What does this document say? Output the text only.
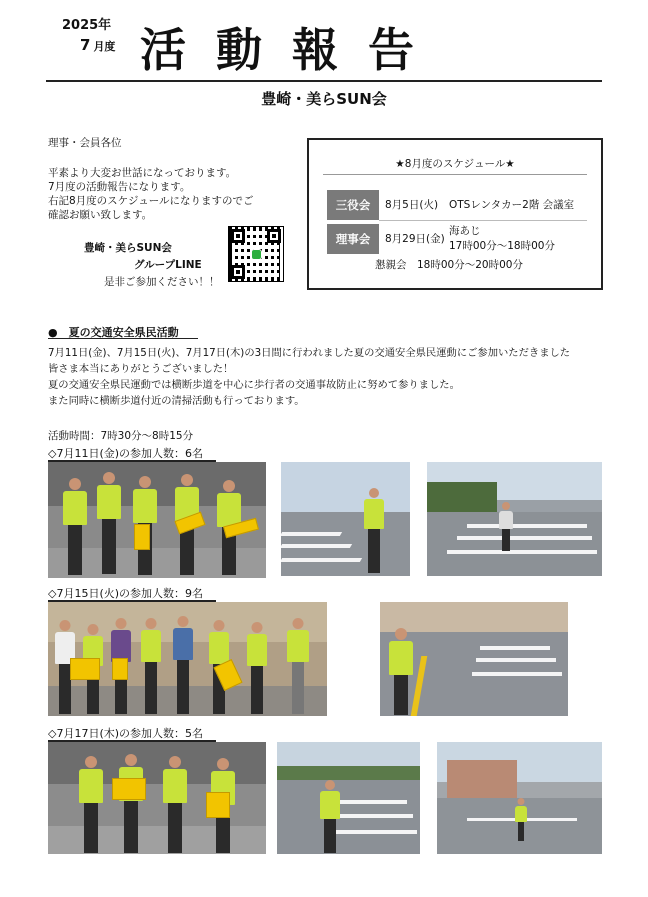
2025年
7 月度 活動報告
豊崎・美らSUN会
理事・会員各位
平素より大変お世話になっております。
7月度の活動報告になります。
右記8月度のスケジュールになりますのでご
確認お願い致します。
豊崎・美らSUN会
グループLINE
是非ご参加ください！！
★8月度のスケジュール★
三役会	8月5日(火) OTSレンタカー2階 会議室
理事会	8月29日(金)
海あじ
17時00分～18時00分
懇親会　18時00分～20時00分
●　夏の交通安全県民活動
7月11日(金)、7月15日(火)、7月17日(木)の3日間に行われました夏の交通安全県民運動にご参加いただきました
皆さま本当にありがとうございました！
夏の交通安全県民運動では横断歩道を中心に歩行者の交通事故防止に努めて参りました。
また同時に横断歩道付近の清掃活動も行っております。
活動時間：7時30分～8時15分
◇7月11日(金)の参加人数：6名
◇7月15日(火)の参加人数：9名
◇7月17日(木)の参加人数：5名
